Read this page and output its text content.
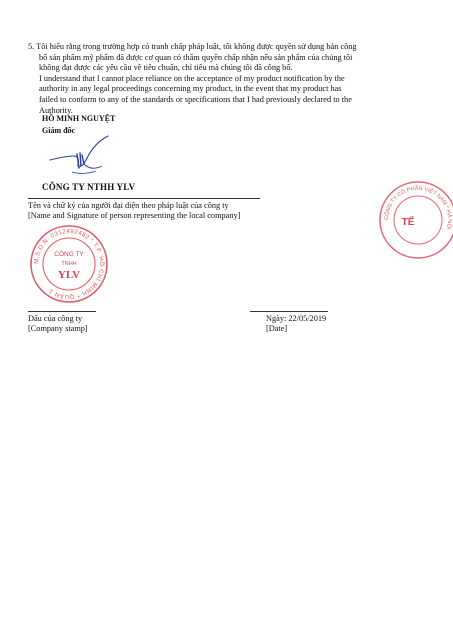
5. Tôi hiểu rằng trong trường hợp có tranh chấp pháp luật, tôi không được quyền sử dụng bản công
bố sản phẩm mỹ phẩm đã được cơ quan có thẩm quyền chấp nhận nếu sản phẩm của chúng tôi
không đạt được các yêu cầu về tiêu chuẩn, chỉ tiêu mà chúng tôi đã công bố.
I understand that I cannot place reliance on the acceptance of my product notification by the
authority in any legal proceedings concerning my product, in the event that my product has
failed to conform to any of the standards or specifications that I had previously declared to the
Authority.
HỒ MINH NGUYỆT
Giám đốc
CÔNG TY NTHH YLV
Tên và chữ ký của người đại diện theo pháp luật của công ty
[Name and Signature of person representing the local company]
M.S.D.N: 0312492482 * T.P. HỒ CHÍ MINH * QUẬN 1
CÔNG TY
TNHH
YLV
CÔNG TY CỔ PHẦN VIỆT NAM * HÀ NỘI
TẾ
Dấu của công ty
[Company stamp]
Ngày: 22/05/2019
[Date]
